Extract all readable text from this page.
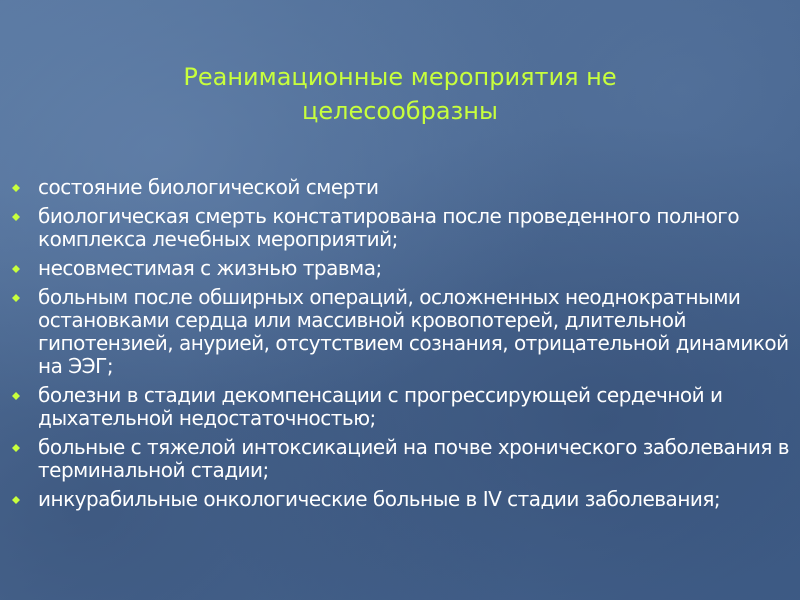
Реанимационные мероприятия не целесообразны
состояние биологической смерти
биологическая смерть констатирована после проведенного полного комплекса лечебных мероприятий;
несовместимая с жизнью травма;
больным после обширных операций, осложненных неоднократными остановками сердца или массивной кровопотерей, длительной гипотензией, анурией, отсутствием сознания, отрицательной динамикой на ЭЭГ;
болезни в стадии декомпенсации с прогрессирующей сердечной и дыхательной недостаточностью;
больные с тяжелой интоксикацией на почве хронического заболевания в терминальной стадии;
инкурабильные онкологические больные в IV стадии заболевания;
